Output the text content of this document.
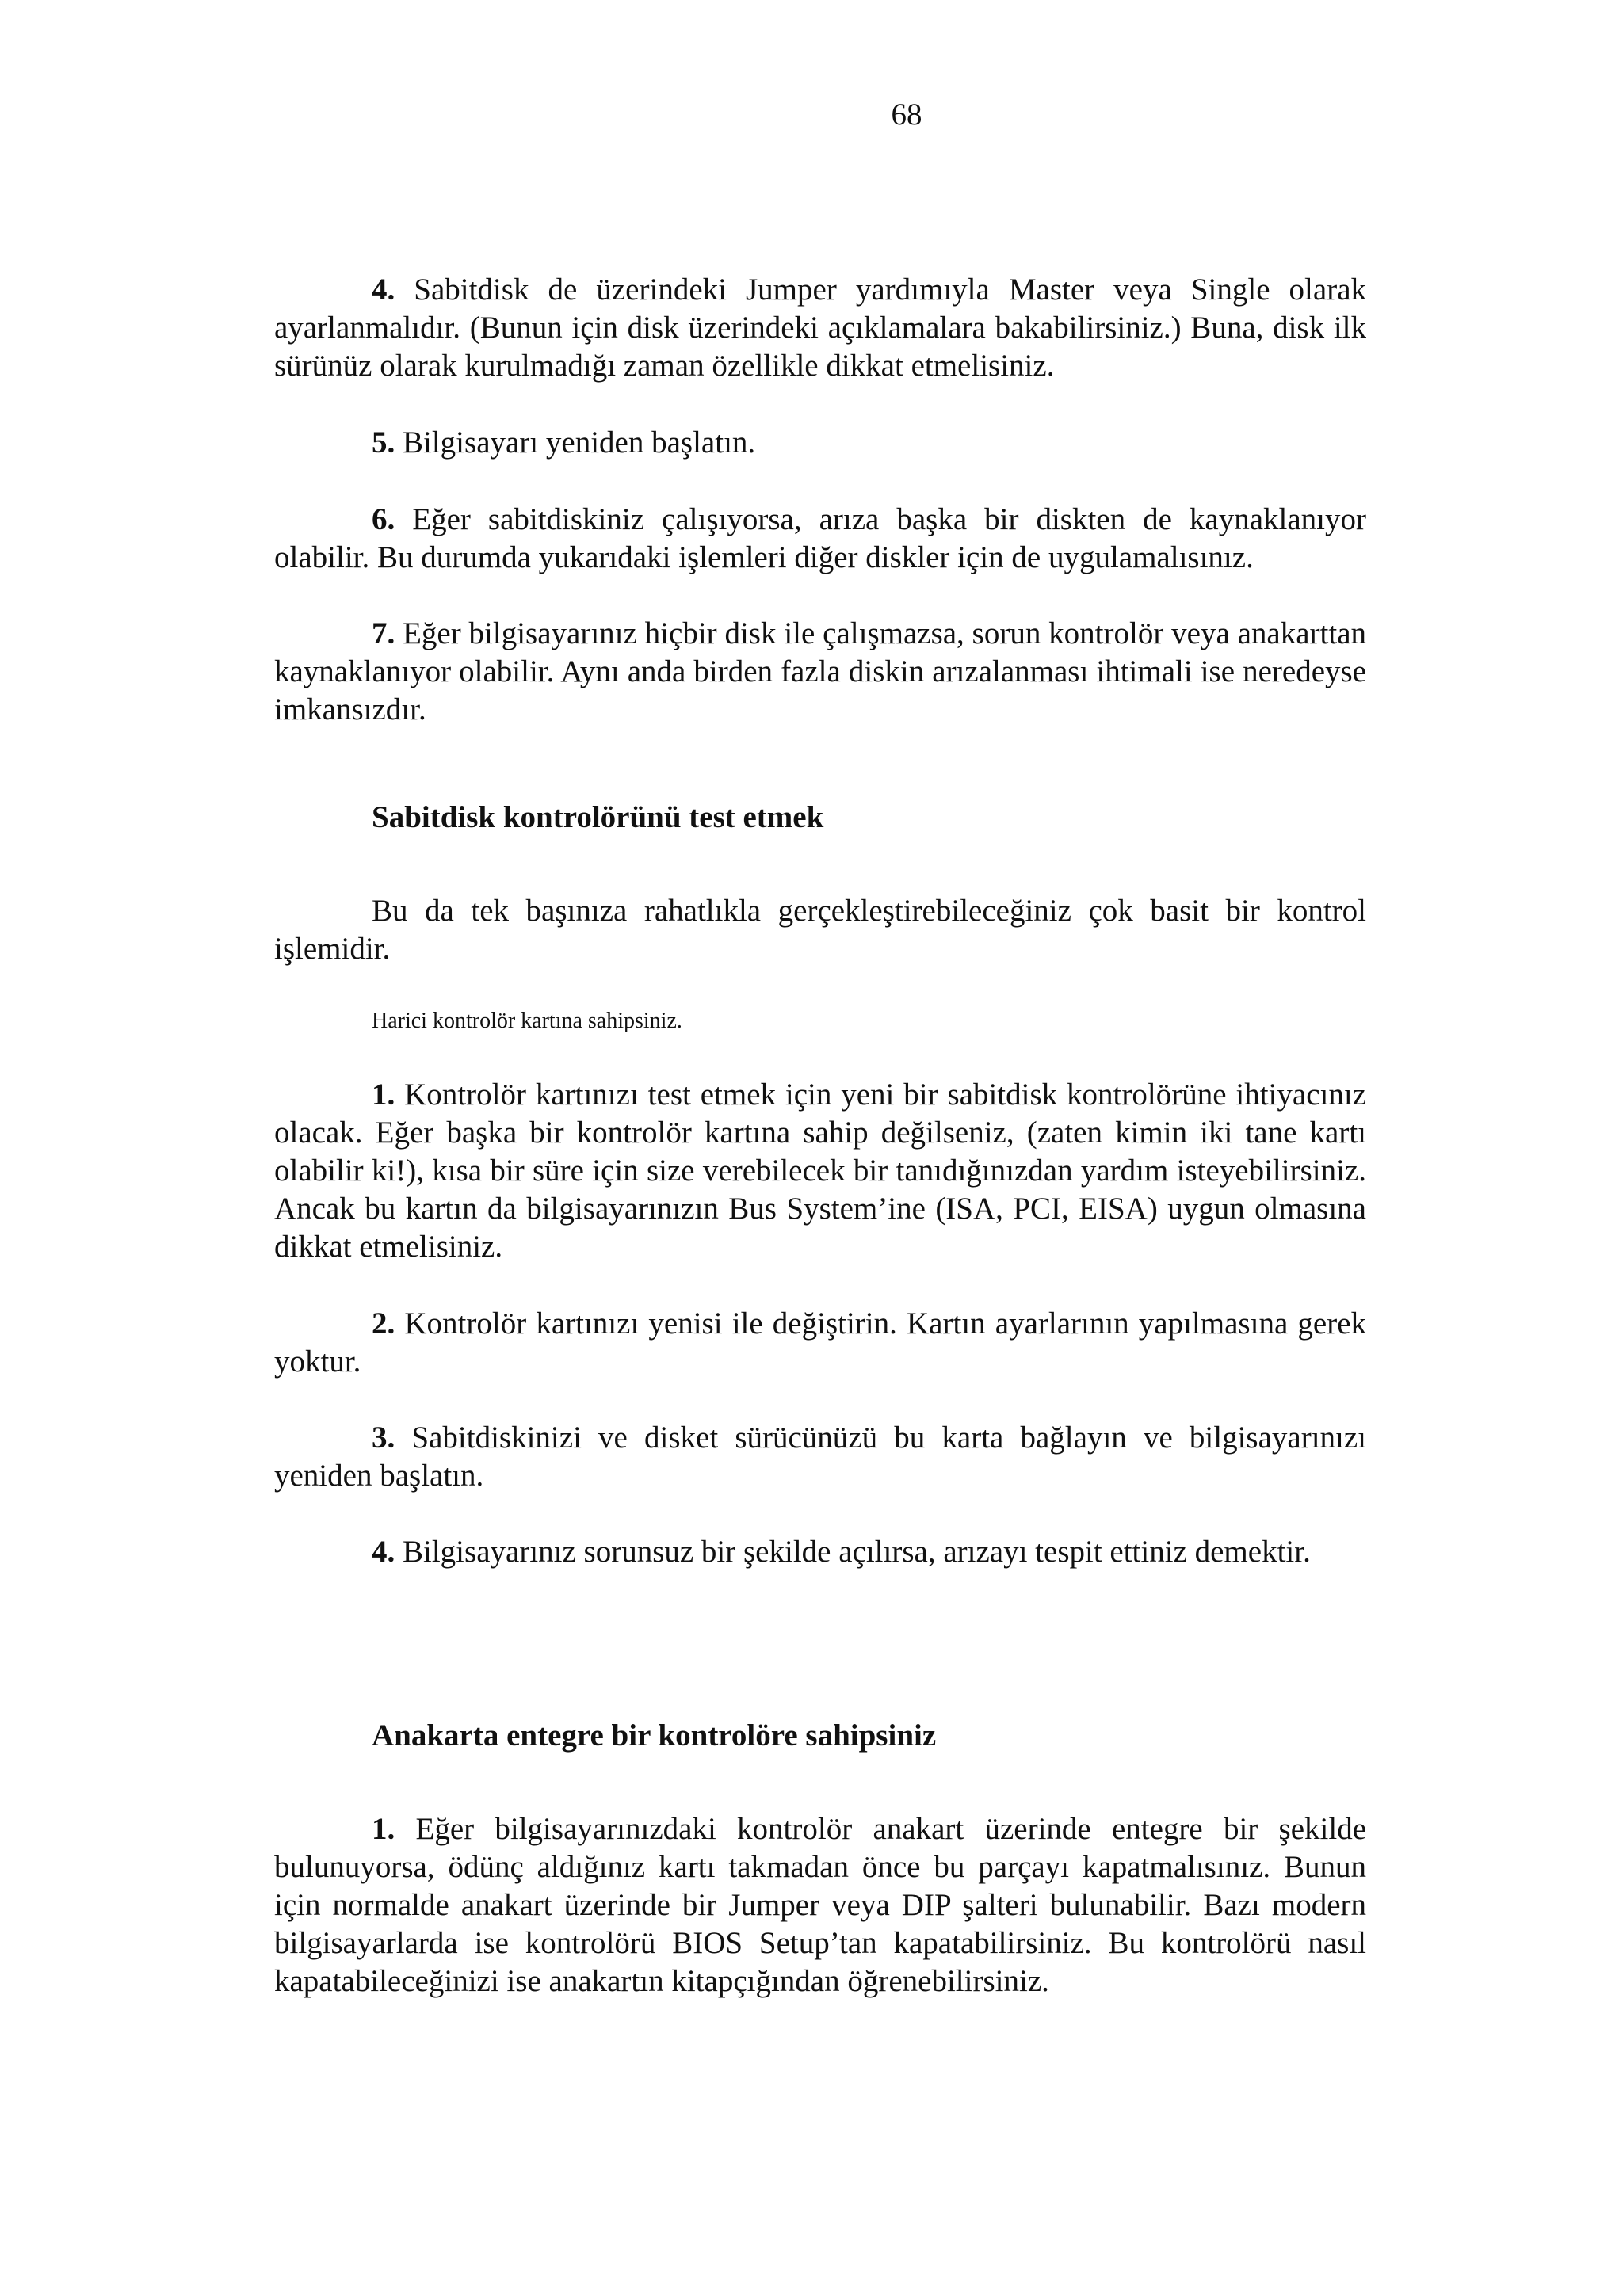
68

4. Sabitdisk de üzerindeki Jumper yardımıyla Master veya Single olarak ayarlanmalıdır. (Bunun için disk üzerindeki açıklamalara bakabilirsiniz.) Buna, disk ilk sürünüz olarak kurulmadığı zaman özellikle dikkat etmelisiniz.

5. Bilgisayarı yeniden başlatın.

6. Eğer sabitdiskiniz çalışıyorsa, arıza başka bir diskten de kaynaklanıyor olabilir. Bu durumda yukarıdaki işlemleri diğer diskler için de uygulamalısınız.

7. Eğer bilgisayarınız hiçbir disk ile çalışmazsa, sorun kontrolör veya anakarttan kaynaklanıyor olabilir. Aynı anda birden fazla diskin arızalanması ihtimali ise neredeyse imkansızdır.

Sabitdisk kontrolörünü test etmek

Bu da tek başınıza rahatlıkla gerçekleştirebileceğiniz çok basit bir kontrol işlemidir.

Harici kontrolör kartına sahipsiniz.

1. Kontrolör kartınızı test etmek için yeni bir sabitdisk kontrolörüne ihtiyacınız olacak. Eğer başka bir kontrolör kartına sahip değilseniz, (zaten kimin iki tane kartı olabilir ki!), kısa bir süre için size verebilecek bir tanıdığınızdan yardım isteyebilirsiniz. Ancak bu kartın da bilgisayarınızın Bus System’ine (ISA, PCI, EISA) uygun olmasına dikkat etmelisiniz.

2. Kontrolör kartınızı yenisi ile değiştirin. Kartın ayarlarının yapılmasına gerek yoktur.

3. Sabitdiskinizi ve disket sürücünüzü bu karta bağlayın ve bilgisayarınızı yeniden başlatın.

4. Bilgisayarınız sorunsuz bir şekilde açılırsa, arızayı tespit ettiniz demektir.

Anakarta entegre bir kontrolöre sahipsiniz

1. Eğer bilgisayarınızdaki kontrolör anakart üzerinde entegre bir şekilde bulunuyorsa, ödünç aldığınız kartı takmadan önce bu parçayı kapatmalısınız. Bunun için normalde anakart üzerinde bir Jumper veya DIP şalteri bulunabilir. Bazı modern bilgisayarlarda ise kontrolörü BIOS Setup’tan kapatabilirsiniz. Bu kontrolörü nasıl kapatabileceğinizi ise anakartın kitapçığından öğrenebilirsiniz.
